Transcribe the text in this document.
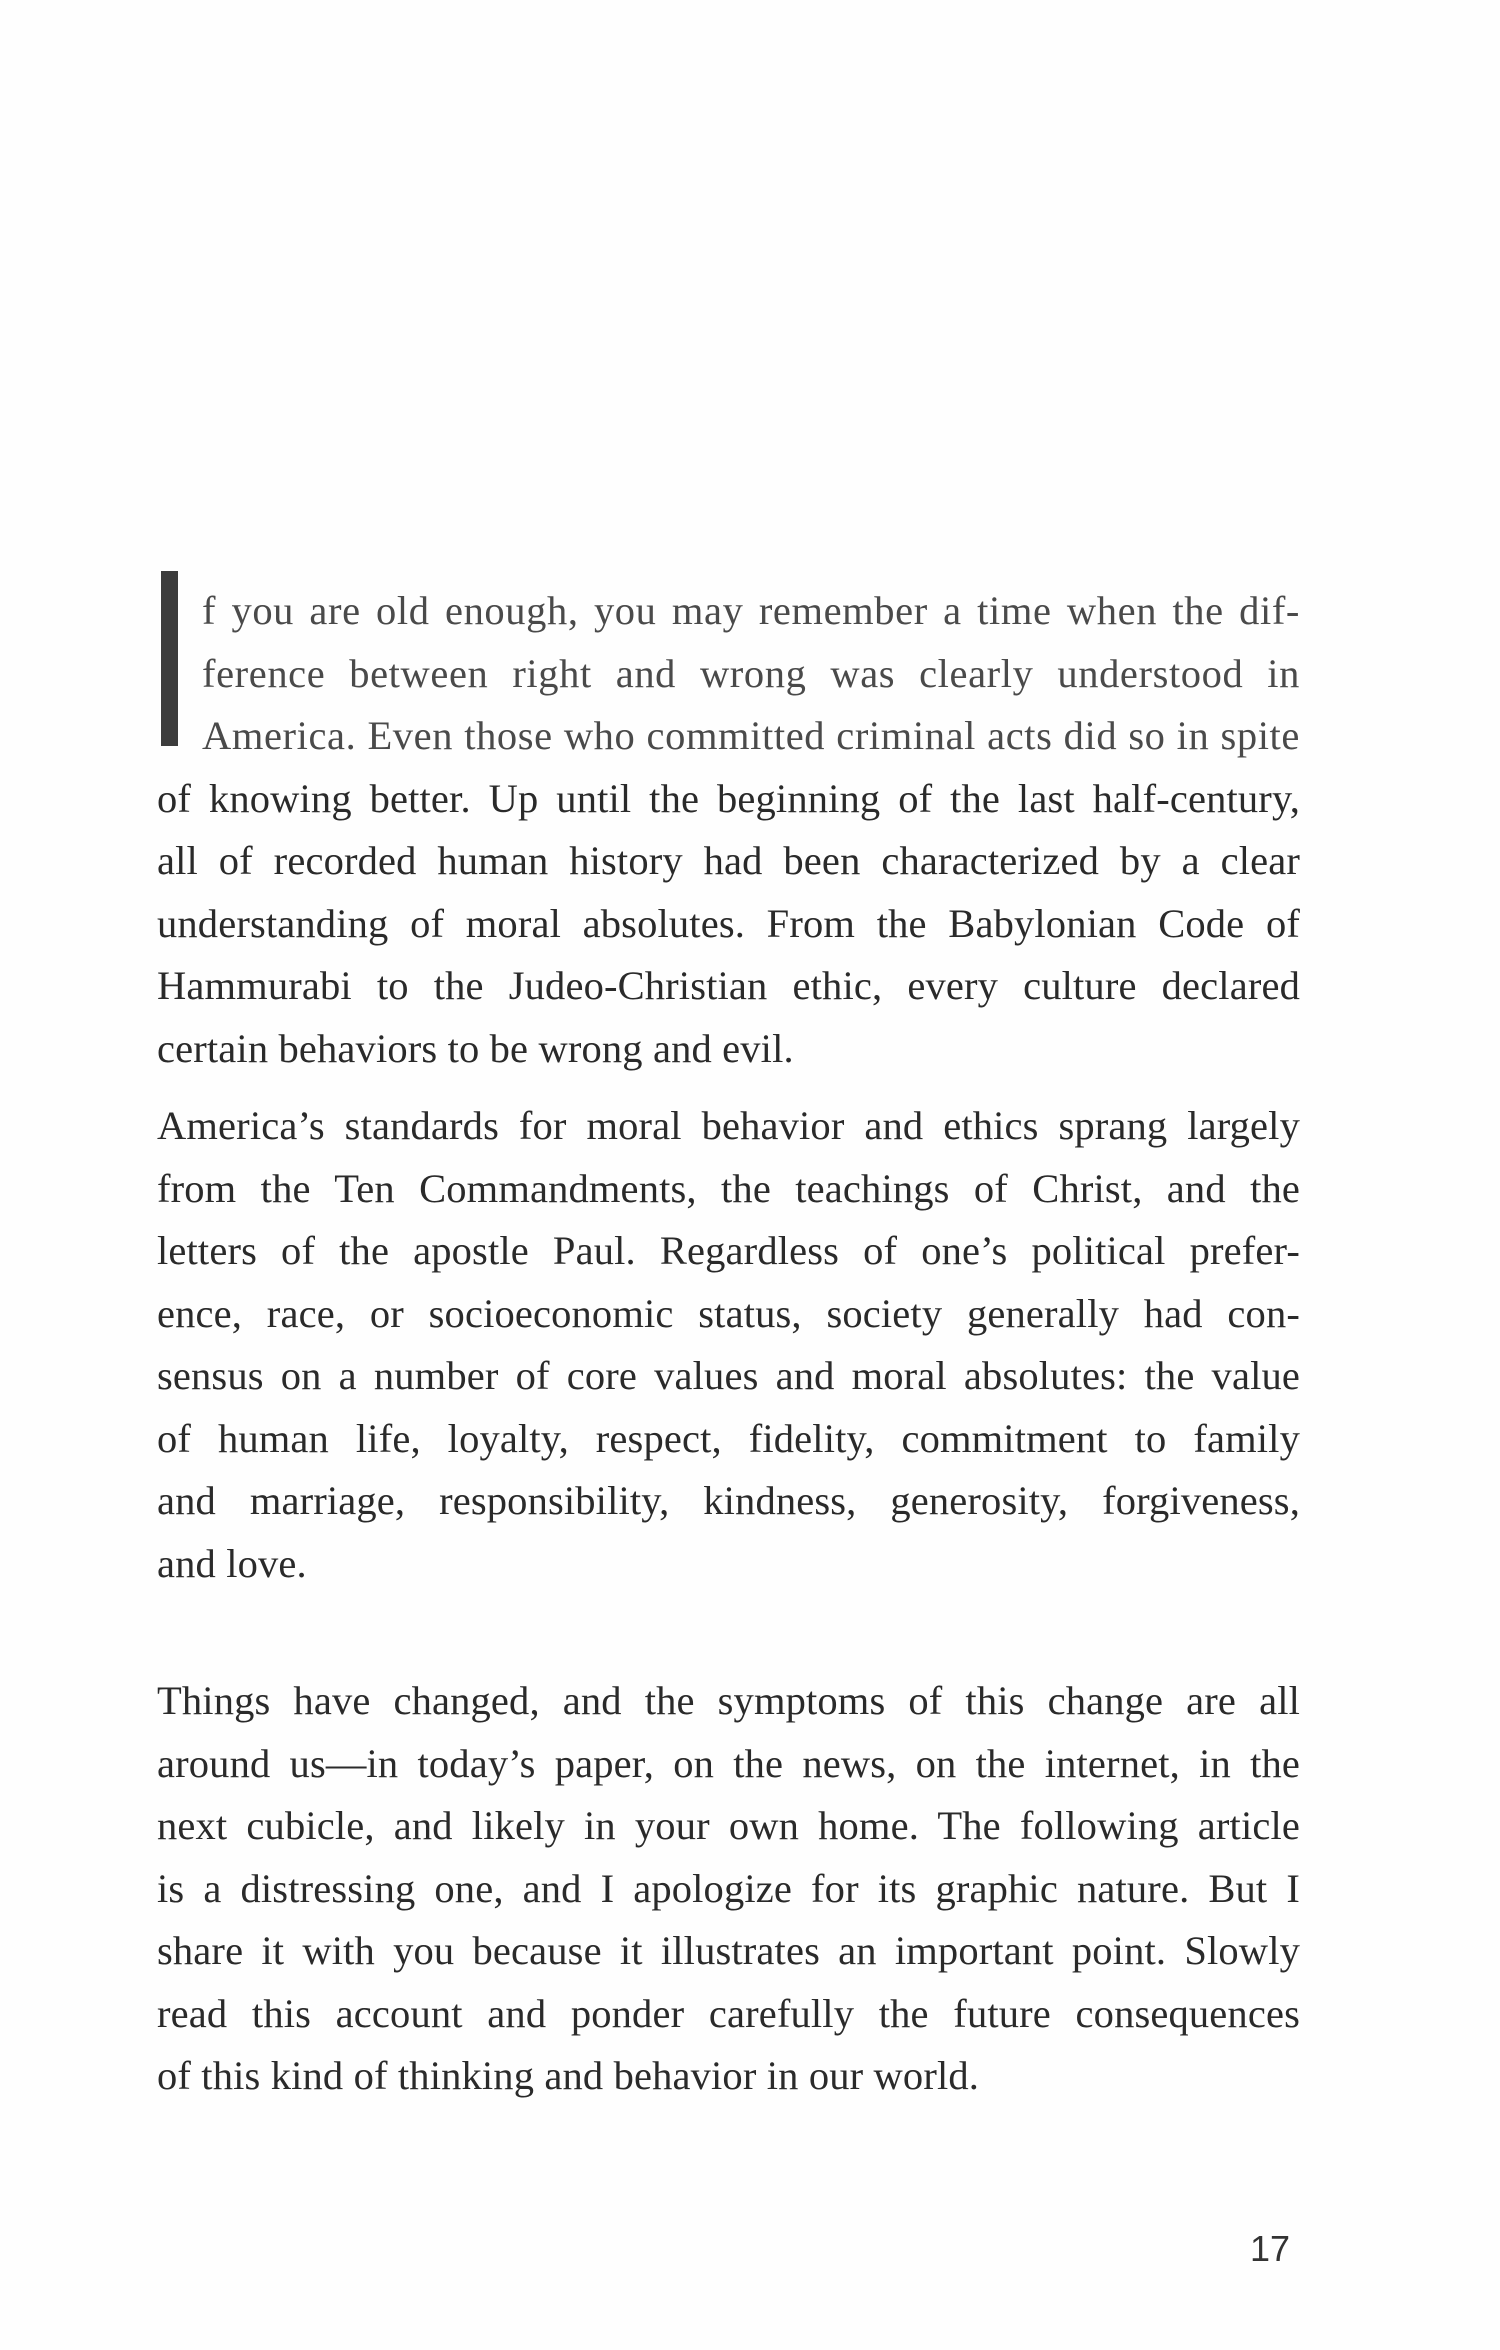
f you are old enough, you may remember a time when the dif-
ference between right and wrong was clearly understood in
America. Even those who committed criminal acts did so in spite
of knowing better. Up until the beginning of the last half-century,
all of recorded human history had been characterized by a clear
understanding of moral absolutes. From the Babylonian Code of
Hammurabi to the Judeo-Christian ethic, every culture declared
certain behaviors to be wrong and evil.
America’s standards for moral behavior and ethics sprang largely
from the Ten Commandments, the teachings of Christ, and the
letters of the apostle Paul. Regardless of one’s political prefer-
ence, race, or socioeconomic status, society generally had con-
sensus on a number of core values and moral absolutes: the value
of human life, loyalty, respect, fidelity, commitment to family
and marriage, responsibility, kindness, generosity, forgiveness,
and love.
Things have changed, and the symptoms of this change are all
around us—in today’s paper, on the news, on the internet, in the
next cubicle, and likely in your own home. The following article
is a distressing one, and I apologize for its graphic nature. But I
share it with you because it illustrates an important point. Slowly
read this account and ponder carefully the future consequences
of this kind of thinking and behavior in our world.
17
